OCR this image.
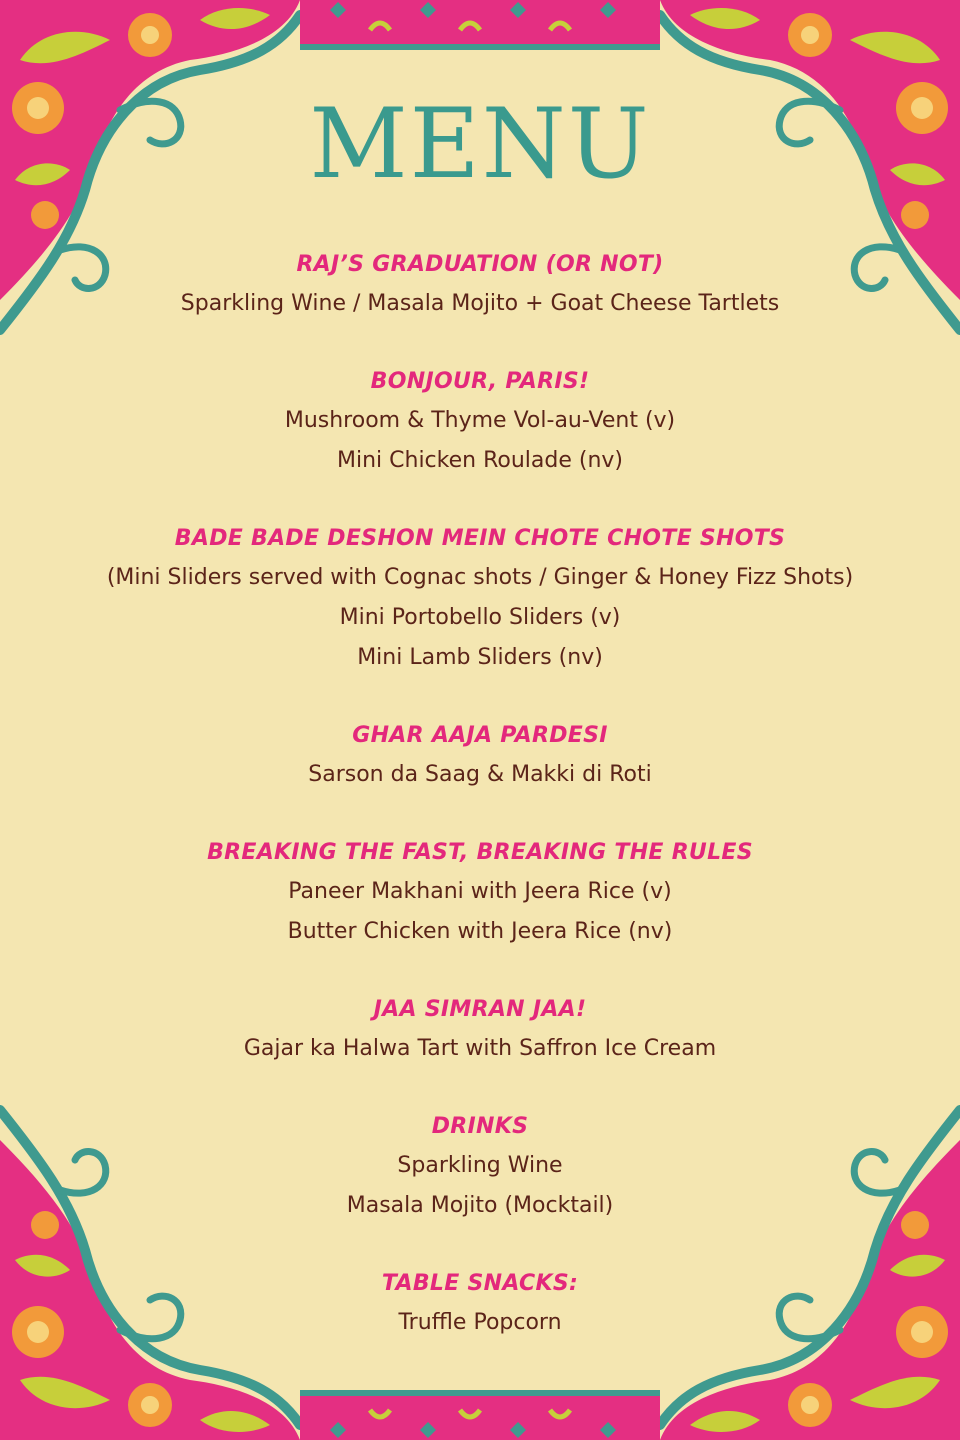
MENU
RAJ’S GRADUATION (OR NOT)
Sparkling Wine / Masala Mojito + Goat Cheese Tartlets
BONJOUR, PARIS!
Mushroom & Thyme Vol-au-Vent (v)
Mini Chicken Roulade (nv)
BADE BADE DESHON MEIN CHOTE CHOTE SHOTS
(Mini Sliders served with Cognac shots / Ginger & Honey Fizz Shots)
Mini Portobello Sliders (v)
Mini Lamb Sliders (nv)
GHAR AAJA PARDESI
Sarson da Saag & Makki di Roti
BREAKING THE FAST, BREAKING THE RULES
Paneer Makhani with Jeera Rice (v)
Butter Chicken with Jeera Rice (nv)
JAA SIMRAN JAA!
Gajar ka Halwa Tart with Saffron Ice Cream
DRINKS
Sparkling Wine
Masala Mojito (Mocktail)
TABLE SNACKS:
Truffle Popcorn
